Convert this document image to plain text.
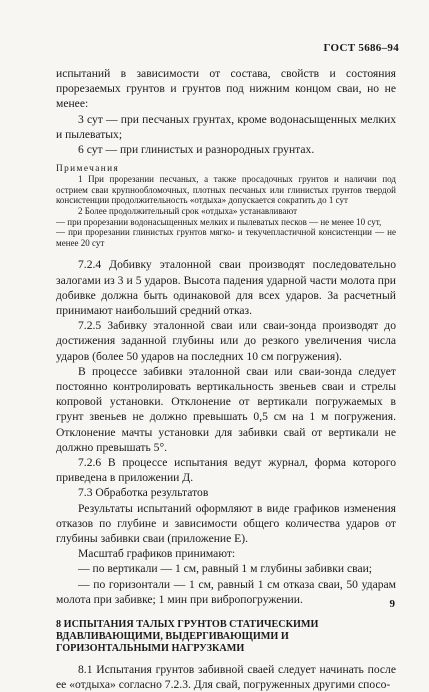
ГОСТ 5686–94

испытаний в зависимости от состава, свойств и состояния прорезаемых грунтов и грунтов под нижним концом сваи, но не менее:

3 сут — при песчаных грунтах, кроме водонасыщенных мелких и пылеватых;

6 сут — при глинистых и разнородных грунтах.

Примечания

1 При прорезании песчаных, а также просадочных грунтов и наличии под острием сваи крупнообломочных, плотных песчаных или глинистых грунтов твердой консистенции продолжительность «отдыха» допускается сократить до 1 сут

2 Более продолжительный срок «отдыха» устанавливают

— при прорезании водонасыщенных мелких и пылеватых песков — не менее 10 сут,

— при прорезании глинистых грунтов мягко- и текучепластичной консистенции — не менее 20 сут

7.2.4 Добивку эталонной сваи производят последовательно залогами из 3 и 5 ударов. Высота падения ударной части молота при добивке должна быть одинаковой для всех ударов. За расчетный принимают наибольший средний отказ.

7.2.5 Забивку эталонной сваи или сваи-зонда производят до достижения заданной глубины или до резкого увеличения числа ударов (более 50 ударов на последних 10 см погружения).

В процессе забивки эталонной сваи или сваи-зонда следует постоянно контролировать вертикальность звеньев сваи и стрелы копровой установки. Отклонение от вертикали погружаемых в грунт звеньев не должно превышать 0,5 см на 1 м погружения. Отклонение мачты установки для забивки свай от вертикали не должно превышать 5°.

7.2.6 В процессе испытания ведут журнал, форма которого приведена в приложении Д.

7.3 Обработка результатов

Результаты испытаний оформляют в виде графиков изменения отказов по глубине и зависимости общего количества ударов от глубины забивки сваи (приложение Е).

Масштаб графиков принимают:

— по вертикали — 1 см, равный 1 м глубины забивки сваи;

— по горизонтали — 1 см, равный 1 см отказа сваи, 50 ударам молота при забивке; 1 мин при вибропогружении.

8 ИСПЫТАНИЯ ТАЛЫХ ГРУНТОВ СТАТИЧЕСКИМИ ВДАВЛИВАЮЩИМИ, ВЫДЕРГИВАЮЩИМИ И ГОРИЗОНТАЛЬНЫМИ НАГРУЗКАМИ

8.1 Испытания грунтов забивной сваей следует начинать после ее «отдыха» согласно 7.2.3. Для свай, погруженных другими спосо-

9
